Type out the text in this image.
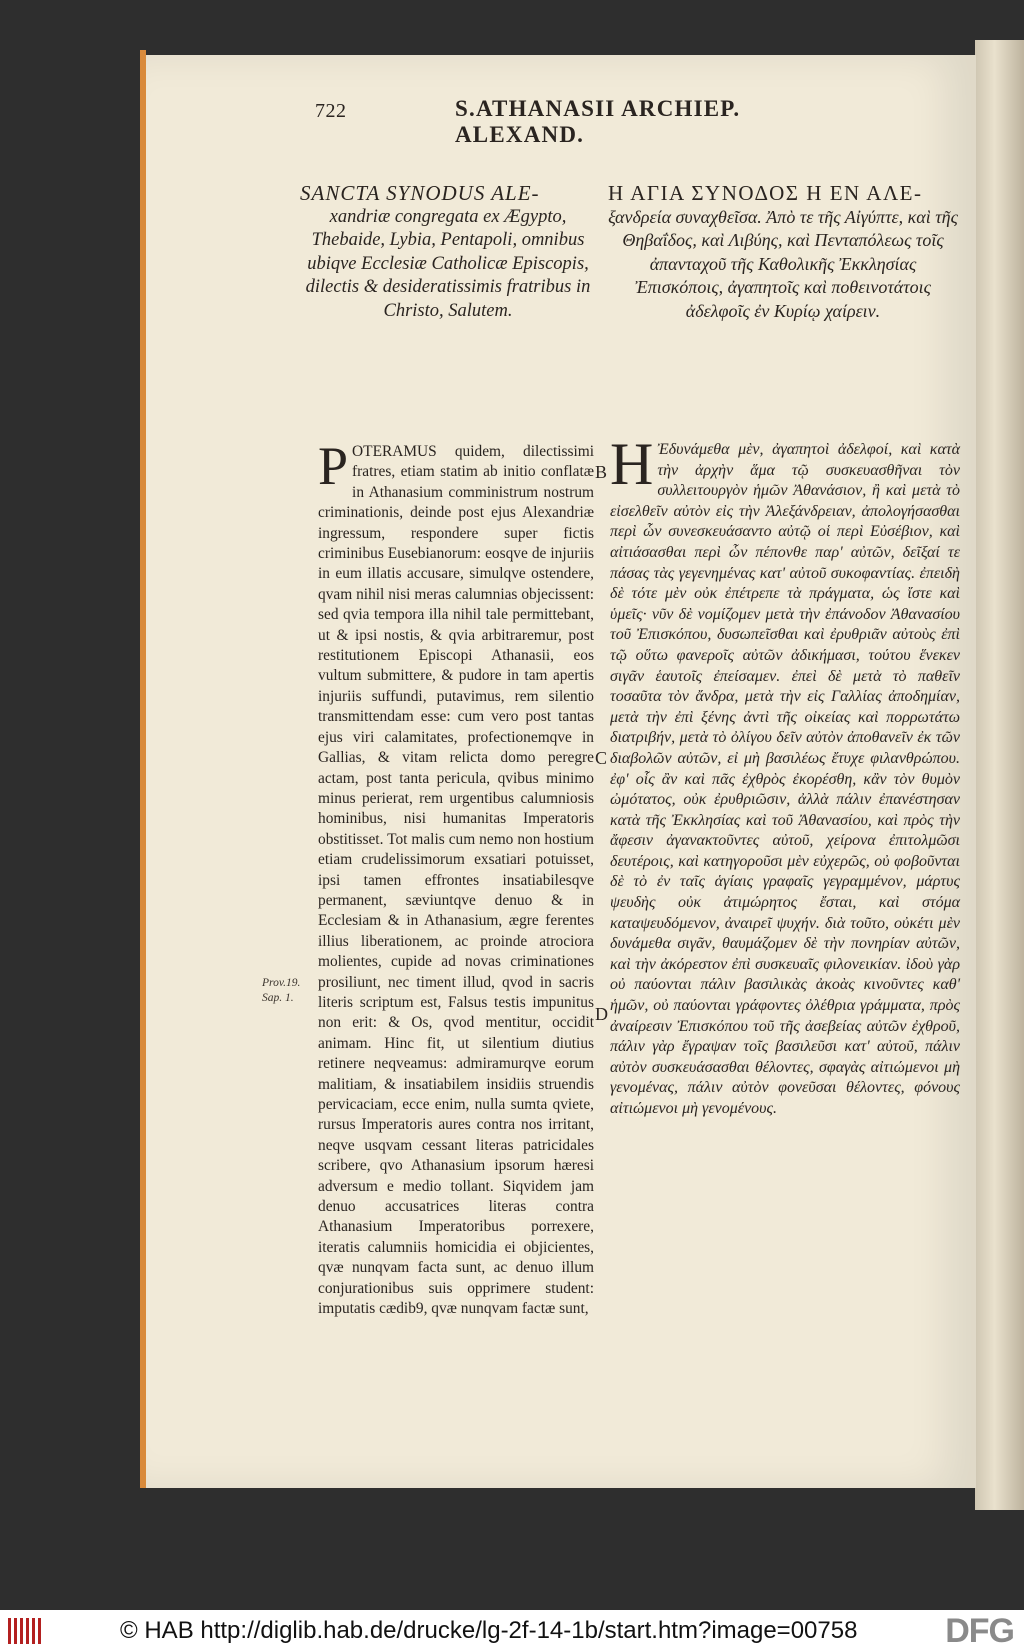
722	S.ATHANASII ARCHIEP. ALEXAND.
SANCTA SYNODUS ALE-
xandriæ congregata ex Ægypto, Thebaide, Lybia, Pentapoli, omnibus ubiqve Ecclesiæ Catholicæ Episcopis, dilectis & desideratissimis fratribus in Christo, Salutem.
Η ΑΓΙΑ ΣΥΝΟΔΟΣ Η ΕΝ ΑΛΕ-
ξανδρεία συναχθεῖσα. Ἀπὸ τε τῆς Αἰγύπτε, καὶ τῆς Θηβαΐδος, καὶ Λιβύης, καὶ Πενταπόλεως τοῖς ἀπανταχοῦ τῆς Καθολικῆς Ἐκκλησίας Ἐπισκόποις, ἀγαπητοῖς καὶ ποθεινοτάτοις ἀδελφοῖς ἐν Κυρίῳ χαίρειν.

P OTERAMUS quidem, dilectissimi fratres, etiam statim ab initio conflatæ in Athanasium comministrum nostrum criminationis, deinde post ejus Alexandriæ ingressum, respondere super fictis criminibus Eusebianorum: eosqve de injuriis in eum illatis accusare, simulqve ostendere, qvam nihil nisi meras calumnias objecissent: sed qvia tempora illa nihil tale permittebant, ut & ipsi nostis, & qvia arbitraremur, post restitutionem Episcopi Athanasii, eos vultum submittere, & pudore in tam apertis injuriis suffundi, putavimus, rem silentio transmittendam esse: cum vero post tantas ejus viri calamitates, profectionemqve in Gallias, & vitam relicta domo peregre actam, post tanta pericula, qvibus minimo minus perierat, rem urgentibus calumniosis hominibus, nisi humanitas Imperatoris obstitisset. Tot malis cum nemo non hostium etiam crudelissimorum exsatiari potuisset, ipsi tamen effrontes insatiabilesqve permanent, sæviuntqve denuo & in Ecclesiam & in Athanasium, ægre ferentes illius liberationem, ac proinde atrociora molientes, cupide ad novas criminationes prosiliunt, nec timent illud, qvod in sacris literis scriptum est, Falsus testis impunitus non erit: & Os, qvod mentitur, occidit animam. Hinc fit, ut silentium diutius retinere neqveamus: admiramurqve eorum malitiam, & insatiabilem insidiis struendis pervicaciam, ecce enim, nulla sumta qviete, rursus Imperatoris aures contra nos irritant, neqve usqvam cessant literas patricidales scribere, qvo Athanasium ipsorum hæresi adversum e medio tollant. Siqvidem jam denuo accusatrices literas contra Athanasium Imperatoribus porrexere, iteratis calumniis homicidia ei objicientes, qvæ nunqvam facta sunt, ac denuo illum conjurationibus suis opprimere student: imputatis cædib9, qvæ nunqvam factæ sunt,

Η Ἐδυνάμεθα μὲν, ἀγαπητοὶ ἀδελφοί, καὶ κατὰ τὴν ἀρχὴν ἅμα τῷ συσκευασθῆναι τὸν συλλειτουργὸν ἡμῶν Ἀθανάσιον, ἢ καὶ μετὰ τὸ εἰσελθεῖν αὐτὸν εἰς τὴν Ἀλεξάνδρειαν, ἀπολογήσασθαι περὶ ὧν συνεσκευάσαντο αὐτῷ οἱ περὶ Εὐσέβιον, καὶ αἰτιάσασθαι περὶ ὧν πέπονθε παρ' αὐτῶν, δεῖξαί τε πάσας τὰς γεγενημένας κατ' αὐτοῦ συκοφαντίας. ἐπειδὴ δὲ τότε μὲν οὐκ ἐπέτρεπε τὰ πράγματα, ὡς ἴστε καὶ ὑμεῖς· νῦν δὲ νομίζομεν μετὰ τὴν ἐπάνοδον Ἀθανασίου τοῦ Ἐπισκόπου, δυσωπεῖσθαι καὶ ἐρυθριᾶν αὐτοὺς ἐπὶ τῷ οὕτω φανεροῖς αὐτῶν ἀδικήμασι, τούτου ἕνεκεν σιγᾶν ἑαυτοῖς ἐπείσαμεν. ἐπεὶ δὲ μετὰ τὸ παθεῖν τοσαῦτα τὸν ἄνδρα, μετὰ τὴν εἰς Γαλλίας ἀποδημίαν, μετὰ τὴν ἐπὶ ξένης ἀντὶ τῆς οἰκείας καὶ πορρωτάτω διατριβήν, μετὰ τὸ ὀλίγου δεῖν αὐτὸν ἀποθανεῖν ἐκ τῶν διαβολῶν αὐτῶν, εἰ μὴ βασιλέως ἔτυχε φιλανθρώπου. ἐφ' οἷς ἂν καὶ πᾶς ἐχθρὸς ἐκορέσθη, κἂν τὸν θυμὸν ὠμότατος, οὐκ ἐρυθριῶσιν, ἀλλὰ πάλιν ἐπανέστησαν κατὰ τῆς Ἐκκλησίας καὶ τοῦ Ἀθανασίου, καὶ πρὸς τὴν ἄφεσιν ἀγανακτοῦντες αὐτοῦ, χείρονα ἐπιτολμῶσι δευτέροις, καὶ κατηγοροῦσι μὲν εὐχερῶς, οὐ φοβοῦνται δὲ τὸ ἐν ταῖς ἁγίαις γραφαῖς γεγραμμένον, μάρτυς ψευδὴς οὐκ ἀτιμώρητος ἔσται, καὶ στόμα καταψευδόμενον, ἀναιρεῖ ψυχήν. διὰ τοῦτο, οὐκέτι μὲν δυνάμεθα σιγᾶν, θαυμάζομεν δὲ τὴν πονηρίαν αὐτῶν, καὶ τὴν ἀκόρεστον ἐπὶ συσκευαῖς φιλονεικίαν. ἰδοὺ γὰρ οὐ παύονται πάλιν βασιλικὰς ἀκοὰς κινοῦντες καθ' ἡμῶν, οὐ παύονται γράφοντες ὀλέθρια γράμματα, πρὸς ἀναίρεσιν Ἐπισκόπου τοῦ τῆς ἀσεβείας αὐτῶν ἐχθροῦ, πάλιν γὰρ ἔγραψαν τοῖς βασιλεῦσι κατ' αὐτοῦ, πάλιν αὐτὸν συσκευάσασθαι θέλοντες, σφαγὰς αἰτιώμενοι μὴ γενομένας, πάλιν αὐτὸν φονεῦσαι θέλοντες, φόνους αἰτιώμενοι μὴ γενομένους.

B
C
D
Prov.19. Sap. 1.
© HAB http://diglib.hab.de/drucke/lg-2f-14-1b/start.htm?image=00758	DFG
